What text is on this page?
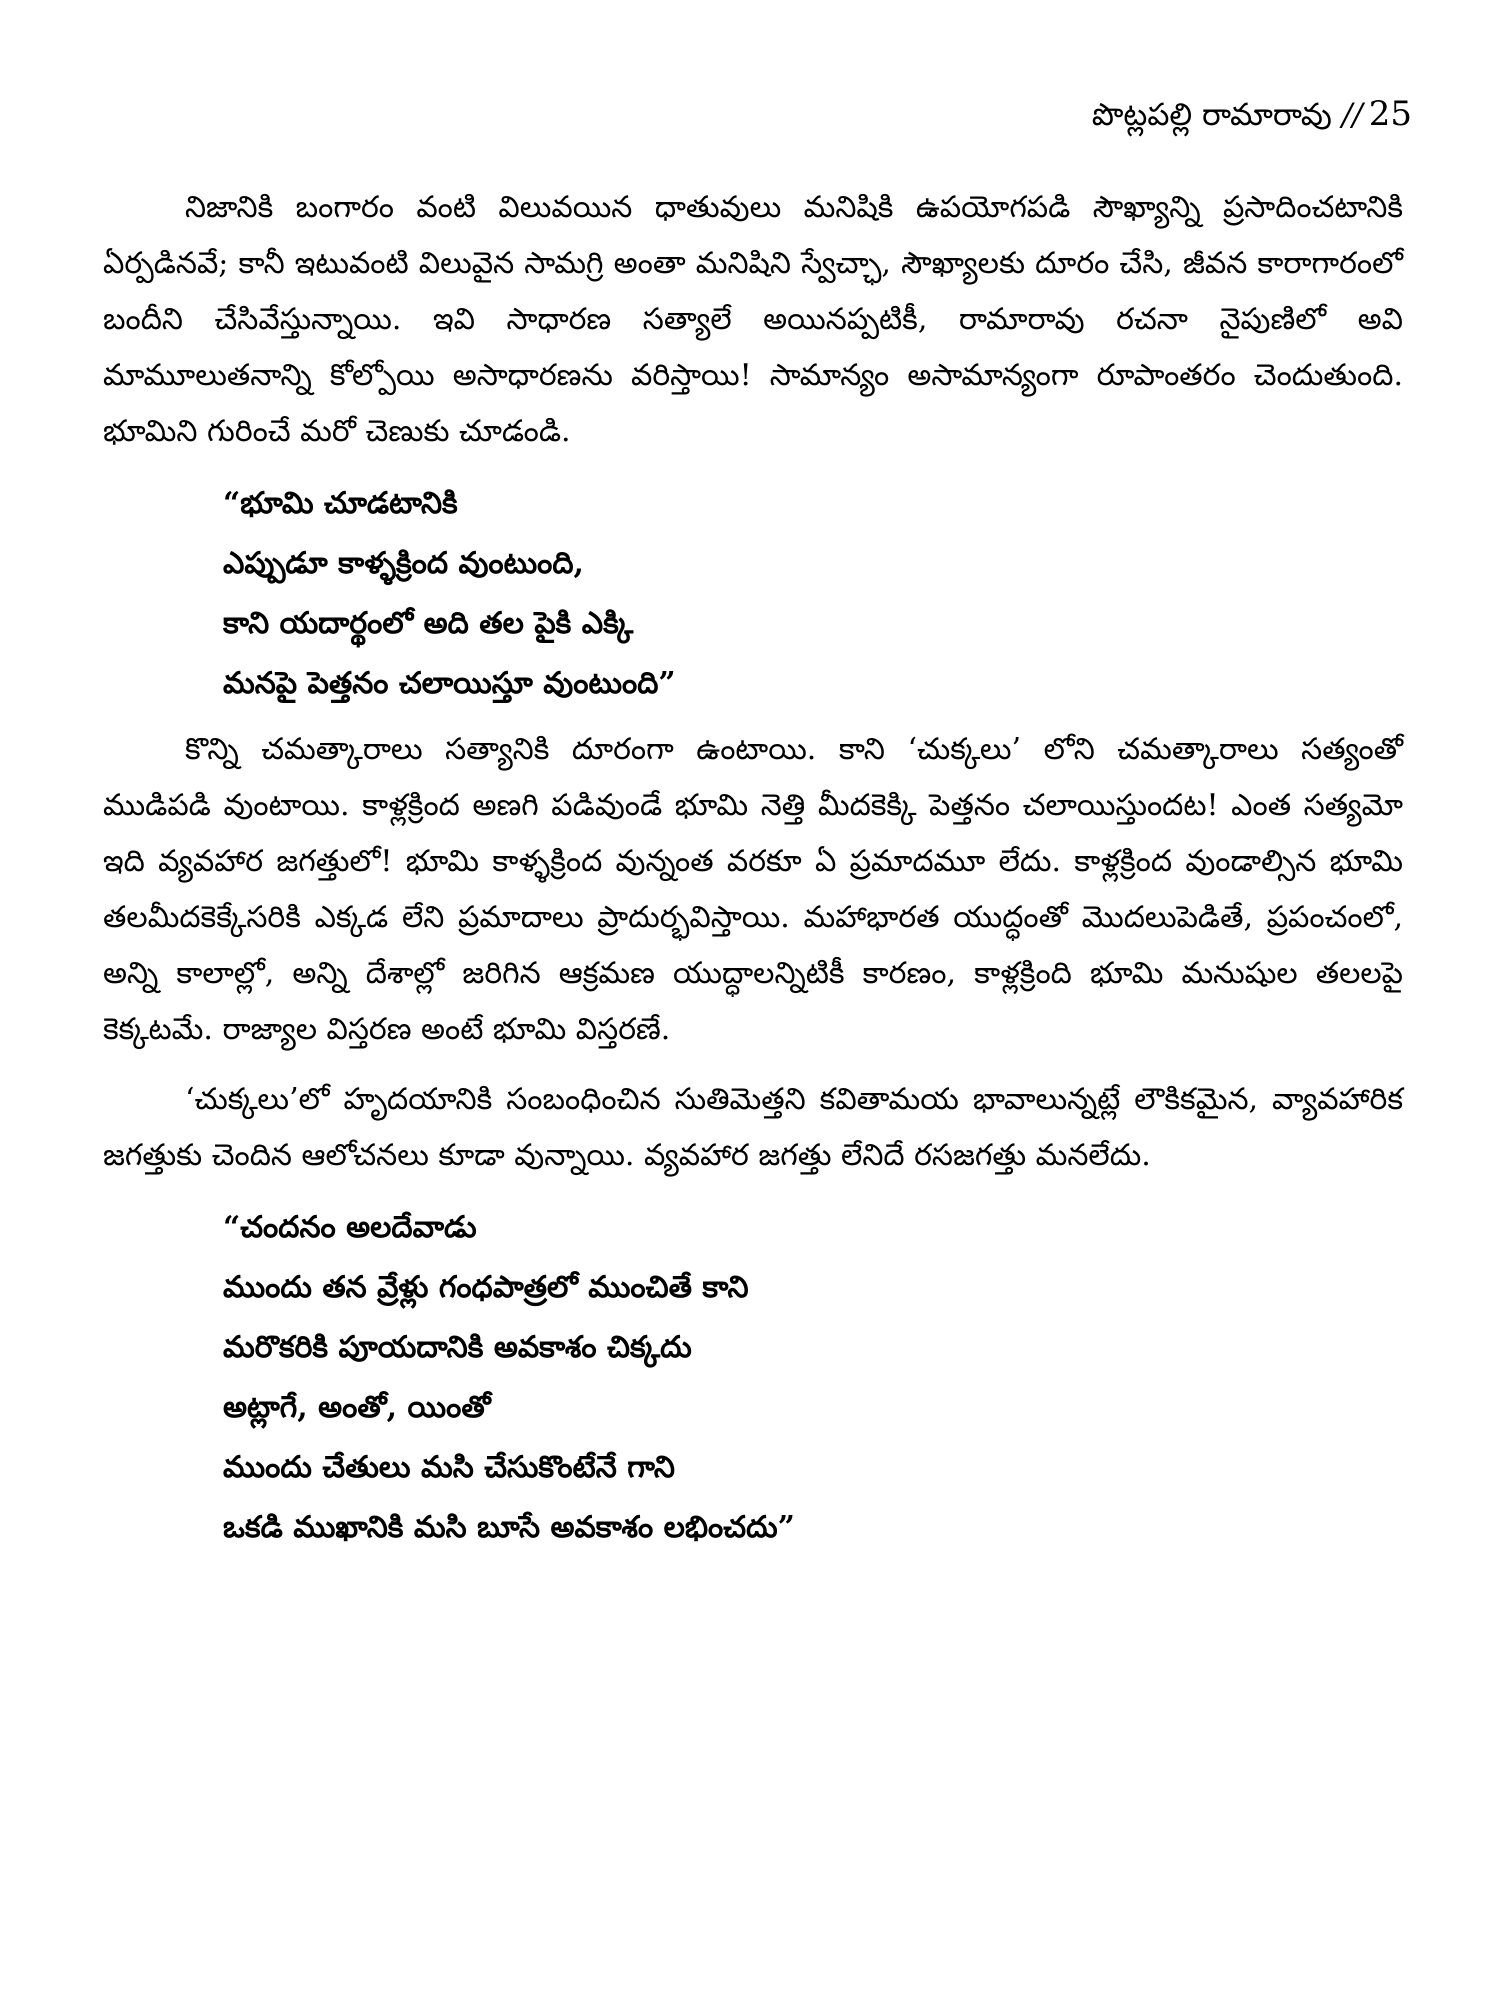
పొట్లపల్లి రామారావు // 25

నిజానికి బంగారం వంటి విలువయిన ధాతువులు మనిషికి ఉపయోగపడి సౌఖ్యాన్ని ప్రసాదించటానికి ఏర్పడినవే; కానీ ఇటువంటి విలువైన సామగ్రి అంతా మనిషిని స్వేచ్ఛా, సౌఖ్యాలకు దూరం చేసి, జీవన కారాగారంలో బందీని చేసివేస్తున్నాయి. ఇవి సాధారణ సత్యాలే అయినప్పటికీ, రామారావు రచనా నైపుణిలో అవి మామూలుతనాన్ని కోల్పోయి అసాధారణను వరిస్తాయి! సామాన్యం అసామాన్యంగా రూపాంతరం చెందుతుంది. భూమిని గురించే మరో చెణుకు చూడండి.

“భూమి చూడటానికి
ఎప్పుడూ కాళ్ళక్రింద వుంటుంది,
కాని యదార్థంలో అది తల పైకి ఎక్కి
మనపై పెత్తనం చలాయిస్తూ వుంటుంది”

కొన్ని చమత్కారాలు సత్యానికి దూరంగా ఉంటాయి. కాని ‘చుక్కలు’ లోని చమత్కారాలు సత్యంతో ముడిపడి వుంటాయి. కాళ్లక్రింద అణగి పడివుండే భూమి నెత్తి మీదకెక్కి పెత్తనం చలాయిస్తుందట! ఎంత సత్యమో ఇది వ్యవహార జగత్తులో! భూమి కాళ్ళక్రింద వున్నంత వరకూ ఏ ప్రమాదమూ లేదు. కాళ్లక్రింద వుండాల్సిన భూమి తలమీదకెక్కేసరికి ఎక్కడ లేని ప్రమాదాలు ప్రాదుర్భవిస్తాయి. మహాభారత యుద్ధంతో మొదలుపెడితే, ప్రపంచంలో, అన్ని కాలాల్లో, అన్ని దేశాల్లో జరిగిన ఆక్రమణ యుద్ధాలన్నిటికీ కారణం, కాళ్లక్రింది భూమి మనుషుల తలలపై కెక్కటమే. రాజ్యాల విస్తరణ అంటే భూమి విస్తరణే.

‘చుక్కలు’లో హృదయానికి సంబంధించిన సుతిమెత్తని కవితామయ భావాలున్నట్లే లౌకికమైన, వ్యావహారిక జగత్తుకు చెందిన ఆలోచనలు కూడా వున్నాయి. వ్యవహార జగత్తు లేనిదే రసజగత్తు మనలేదు.

“చందనం అలదేవాడు
ముందు తన వ్రేళ్లు గంధపాత్రలో ముంచితే కాని
మరొకరికి పూయదానికి అవకాశం చిక్కదు
అట్లాగే, అంతో, యింతో
ముందు చేతులు మసి చేసుకొంటేనే గాని
ఒకడి ముఖానికి మసి బూసే అవకాశం లభించదు”
